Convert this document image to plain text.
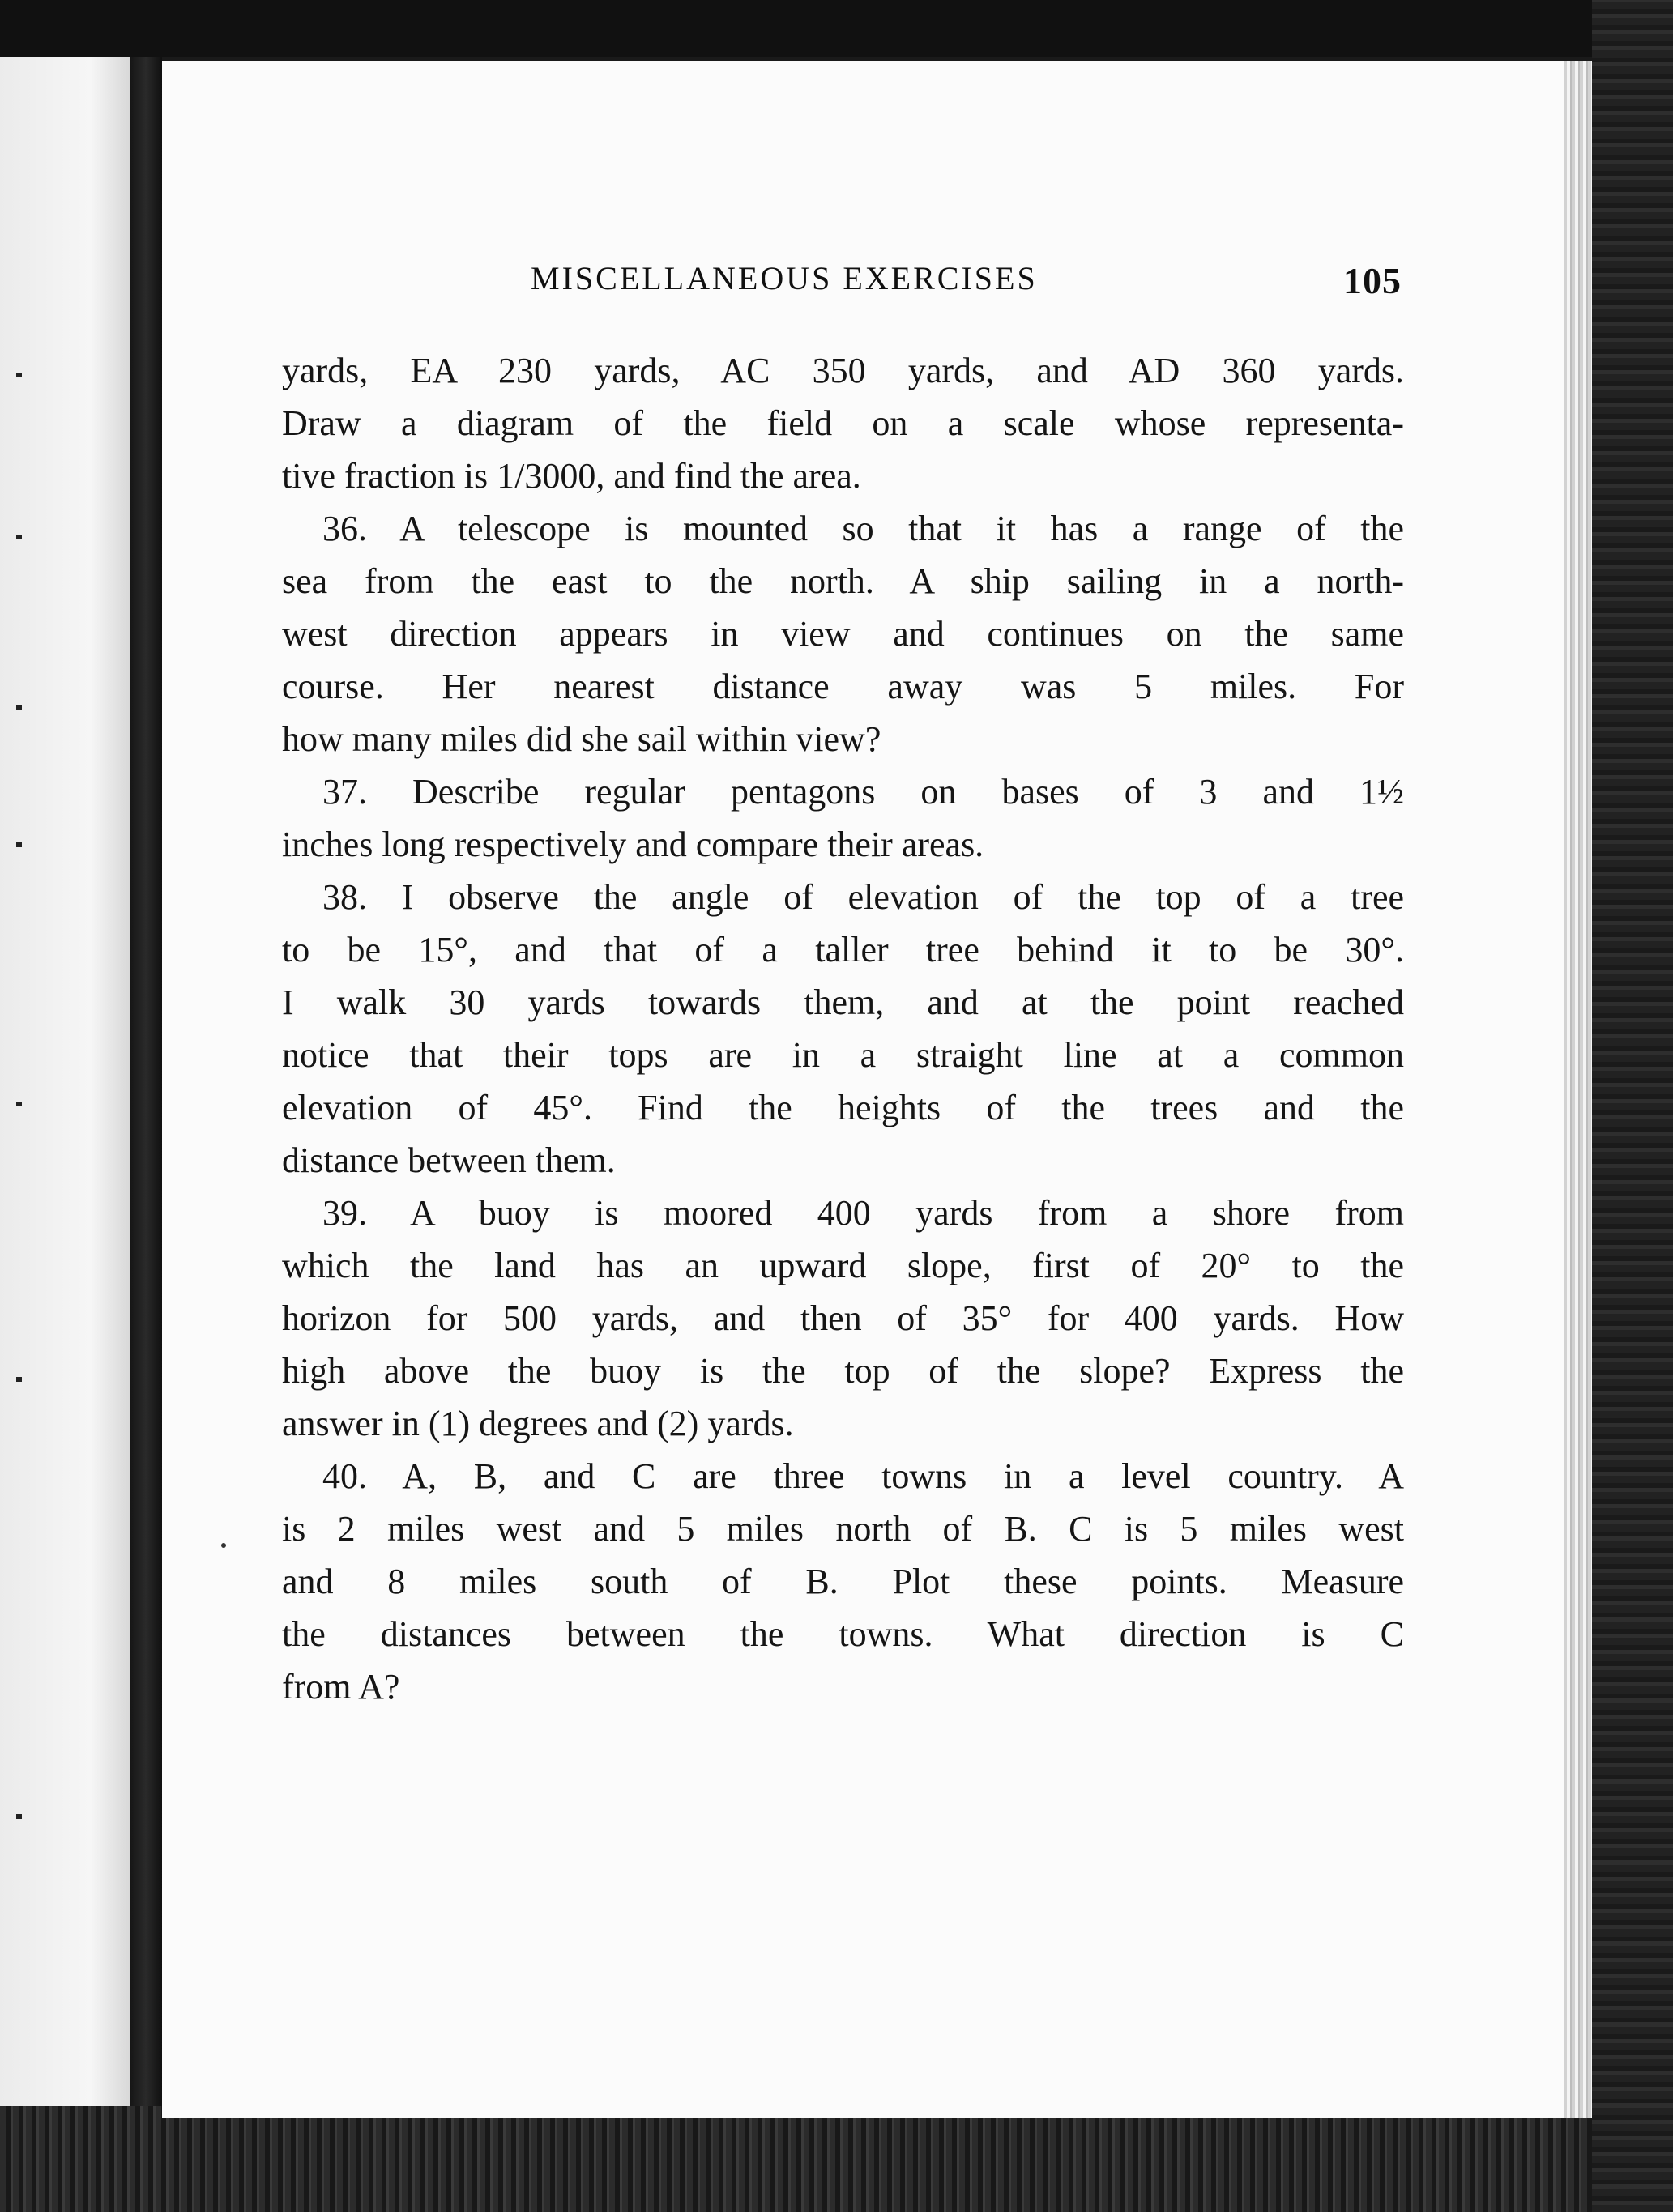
MISCELLANEOUS EXERCISES	105
yards, EA 230 yards, AC 350 yards, and AD 360 yards.
Draw a diagram of the field on a scale whose representa-
tive fraction is 1/3000, and find the area.
36. A telescope is mounted so that it has a range of the
sea from the east to the north. A ship sailing in a north-
west direction appears in view and continues on the same
course. Her nearest distance away was 5 miles. For
how many miles did she sail within view?
37. Describe regular pentagons on bases of 3 and 1½
inches long respectively and compare their areas.
38. I observe the angle of elevation of the top of a tree
to be 15°, and that of a taller tree behind it to be 30°.
I walk 30 yards towards them, and at the point reached
notice that their tops are in a straight line at a common
elevation of 45°. Find the heights of the trees and the
distance between them.
39. A buoy is moored 400 yards from a shore from
which the land has an upward slope, first of 20° to the
horizon for 500 yards, and then of 35° for 400 yards. How
high above the buoy is the top of the slope? Express the
answer in (1) degrees and (2) yards.
40. A, B, and C are three towns in a level country. A
is 2 miles west and 5 miles north of B. C is 5 miles west
and 8 miles south of B. Plot these points. Measure
the distances between the towns. What direction is C
from A?
